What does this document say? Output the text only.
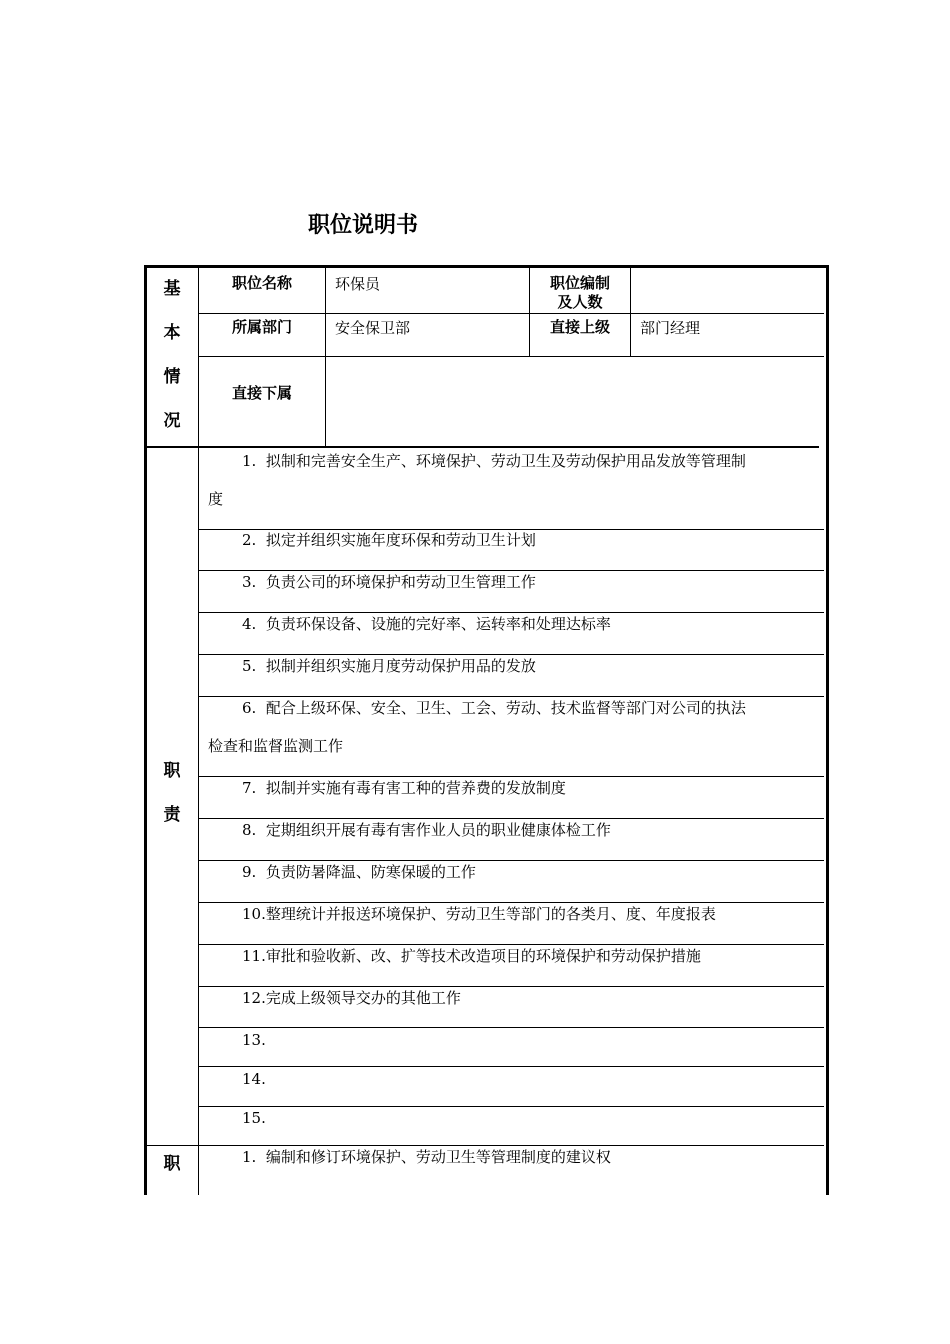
职位说明书
基
本
情
况
职
责
职
职位名称	环保员	职位编制
及人数
所属部门	安全保卫部	直接上级	部门经理
直接下属
1. 拟制和完善安全生产、环境保护、劳动卫生及劳动保护用品发放等管理制
度
2. 拟定并组织实施年度环保和劳动卫生计划
3. 负责公司的环境保护和劳动卫生管理工作
4. 负责环保设备、设施的完好率、运转率和处理达标率
5. 拟制并组织实施月度劳动保护用品的发放
6. 配合上级环保、安全、卫生、工会、劳动、技术监督等部门对公司的执法
检查和监督监测工作
7. 拟制并实施有毒有害工种的营养费的发放制度
8. 定期组织开展有毒有害作业人员的职业健康体检工作
9. 负责防暑降温、防寒保暖的工作
10.整理统计并报送环境保护、劳动卫生等部门的各类月、度、年度报表
11.审批和验收新、改、扩等技术改造项目的环境保护和劳动保护措施
12.完成上级领导交办的其他工作
13.
14.
15.
1. 编制和修订环境保护、劳动卫生等管理制度的建议权
